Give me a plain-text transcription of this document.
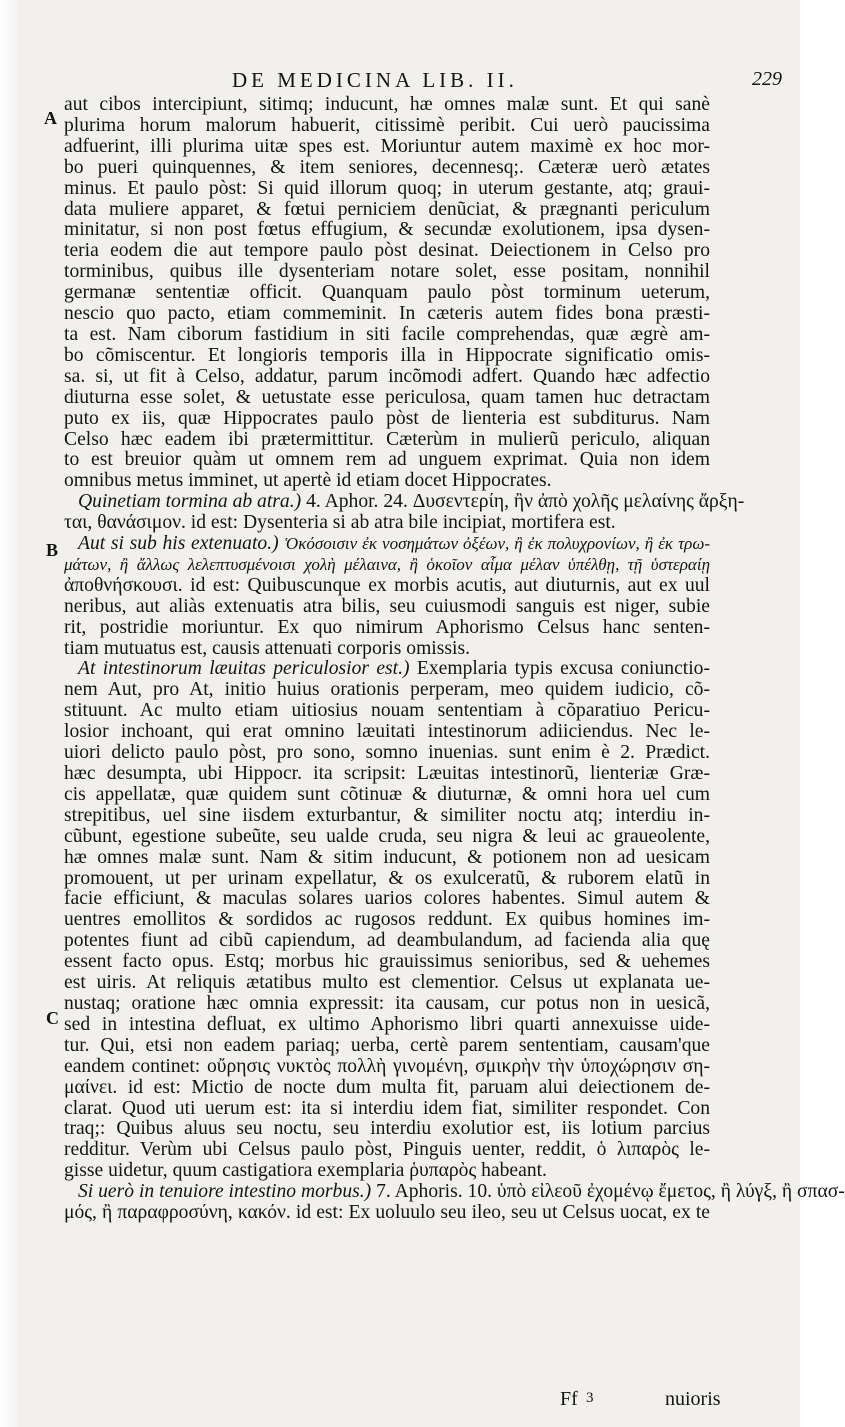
DE MEDICINA LIB. II.	229
A
B
C

aut cibos intercipiunt, sitimq; inducunt, hæ omnes malæ sunt. Et qui sanè

plurima horum malorum habuerit, citissimè peribit. Cui uerò paucissima

adfuerint, illi plurima uitæ spes est. Moriuntur autem maximè ex hoc mor-

bo pueri quinquennes, & item seniores, decennesq;. Cæteræ uerò ætates

minus. Et paulo pòst: Si quid illorum quoq; in uterum gestante, atq; graui-

data muliere apparet, & fœtui perniciem denũciat, & prægnanti periculum

minitatur, si non post fœtus effugium, & secundæ exolutionem, ipsa dysen-

teria eodem die aut tempore paulo pòst desinat. Deiectionem in Celso pro

torminibus, quibus ille dysenteriam notare solet, esse positam, nonnihil

germanæ sententiæ officit. Quanquam paulo pòst torminum ueterum,

nescio quo pacto, etiam commeminit. In cæteris autem fides bona præsti-

ta est. Nam ciborum fastidium in siti facile comprehendas, quæ ægrè am-

bo cõmiscentur. Et longioris temporis illa in Hippocrate significatio omis-

sa. si, ut fit à Celso, addatur, parum incõmodi adfert. Quando hæc adfectio

diuturna esse solet, & uetustate esse periculosa, quam tamen huc detractam

puto ex iis, quæ Hippocrates paulo pòst de lienteria est subditurus. Nam

Celso hæc eadem ibi prætermittitur. Cæterùm in mulierũ periculo, aliquan

to est breuior quàm ut omnem rem ad unguem exprimat. Quia non idem

omnibus metus imminet, ut apertè id etiam docet Hippocrates.

Quinetiam tormina ab atra.) 4. Aphor. 24. Δυσεντερίη, ἢν ἀπὸ χολῆς μελαίνης ἄρξη-

ται, θανάσιμον. id est: Dysenteria si ab atra bile incipiat, mortifera est.

Aut si sub his extenuato.) Ὁκόσοισιν ἐκ νοσημάτων ὀξέων, ἢ ἐκ πολυχρονίων, ἢ ἐκ τρω-

μάτων, ἢ ἄλλως λελεπτυσμένοισι χολὴ μέλαινα, ἢ ὁκοῖον αἷμα μέλαν ὑπέλθῃ, τῇ ὑστεραίῃ

ἀποθνήσκουσι. id est: Quibuscunque ex morbis acutis, aut diuturnis, aut ex uul

neribus, aut aliàs extenuatis atra bilis, seu cuiusmodi sanguis est niger, subie

rit, postridie moriuntur. Ex quo nimirum Aphorismo Celsus hanc senten-

tiam mutuatus est, causis attenuati corporis omissis.

At intestinorum læuitas periculosior est.) Exemplaria typis excusa coniunctio-

nem Aut, pro At, initio huius orationis perperam, meo quidem iudicio, cõ-

stituunt. Ac multo etiam uitiosius nouam sententiam à cõparatiuo Pericu-

losior inchoant, qui erat omnino læuitati intestinorum adiiciendus. Nec le-

uiori delicto paulo pòst, pro sono, somno inuenias. sunt enim è 2. Prædict.

hæc desumpta, ubi Hippocr. ita scripsit: Læuitas intestinorũ, lienteriæ Græ-

cis appellatæ, quæ quidem sunt cõtinuæ & diuturnæ, & omni hora uel cum

strepitibus, uel sine iisdem exturbantur, & similiter noctu atq; interdiu in-

cũbunt, egestione subeũte, seu ualde cruda, seu nigra & leui ac graueolente,

hæ omnes malæ sunt. Nam & sitim inducunt, & potionem non ad uesicam

promouent, ut per urinam expellatur, & os exulceratũ, & ruborem elatũ in

facie efficiunt, & maculas solares uarios colores habentes. Simul autem &

uentres emollitos & sordidos ac rugosos reddunt. Ex quibus homines im-

potentes fiunt ad cibũ capiendum, ad deambulandum, ad facienda alia quę

essent facto opus. Estq; morbus hic grauissimus senioribus, sed & uehemes

est uiris. At reliquis ætatibus multo est clementior. Celsus ut explanata ue-

nustaq; oratione hæc omnia expressit: ita causam, cur potus non in uesicã,

sed in intestina defluat, ex ultimo Aphorismo libri quarti annexuisse uide-

tur. Qui, etsi non eadem pariaq; uerba, certè parem sententiam, causam'que

eandem continet: οὔρησις νυκτὸς πολλὴ γινομένη, σμικρὴν τὴν ὑποχώρησιν ση-

μαίνει. id est: Mictio de nocte dum multa fit, paruam alui deiectionem de-

clarat. Quod uti uerum est: ita si interdiu idem fiat, similiter respondet. Con

traq;: Quibus aluus seu noctu, seu interdiu exolutior est, iis lotium parcius

redditur. Verùm ubi Celsus paulo pòst, Pinguis uenter, reddit, ὁ λιπαρὸς le-

gisse uidetur, quum castigatiora exemplaria ῥυπαρὸς habeant.

Si uerò in tenuiore intestino morbus.) 7. Aphoris. 10. ὑπὸ εἰλεοῦ ἐχομένῳ ἔμετος, ἢ λύγξ, ἢ σπασ-

μός, ἢ παραφροσύνη, κακόν. id est: Ex uoluulo seu ileo, seu ut Celsus uocat, ex te

Ff 3	nuioris
